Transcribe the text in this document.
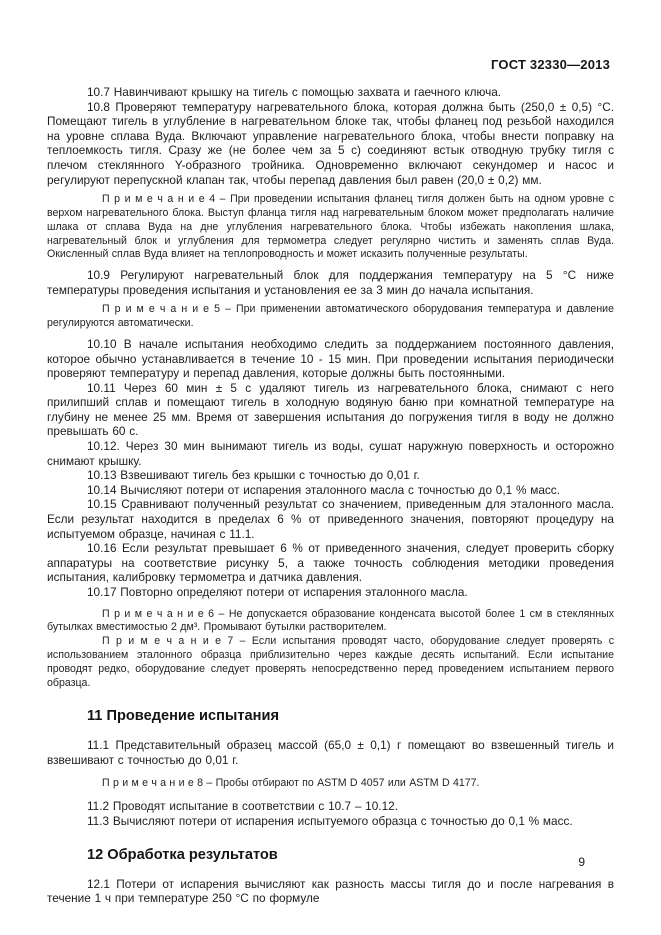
ГОСТ 32330—2013

10.7 Навинчивают крышку на тигель с помощью захвата и гаечного ключа.

10.8 Проверяют температуру нагревательного блока, которая должна быть (250,0 ± 0,5) °С. Помещают тигель в углубление в нагревательном блоке так, чтобы фланец под резьбой находился на уровне сплава Вуда. Включают управление нагревательного блока, чтобы внести поправку на теплоемкость тигля. Сразу же (не более чем за 5 с) соединяют встык отводную трубку тигля с плечом стеклянного Y-образного тройника. Одновременно включают секундомер и насос и регулируют перепускной клапан так, чтобы перепад давления был равен (20,0 ± 0,2) мм.

П р и м е ч а н и е 4 – При проведении испытания фланец тигля должен быть на одном уровне с верхом нагревательного блока. Выступ фланца тигля над нагревательным блоком может предполагать наличие шлака от сплава Вуда на дне углубления нагревательного блока. Чтобы избежать накопления шлака, нагревательный блок и углубления для термометра следует регулярно чистить и заменять сплав Вуда. Окисленный сплав Вуда влияет на теплопроводность и может исказить полученные результаты.

10.9 Регулируют нагревательный блок для поддержания температуру на 5 °С ниже температуры проведения испытания и установления ее за 3 мин до начала испытания.

П р и м е ч а н и е 5 – При применении автоматического оборудования температура и давление регулируются автоматически.

10.10 В начале испытания необходимо следить за поддержанием постоянного давления, которое обычно устанавливается в течение 10 - 15 мин. При проведении испытания периодически проверяют температуру и перепад давления, которые должны быть постоянными.

10.11 Через 60 мин ± 5 с удаляют тигель из нагревательного блока, снимают с него прилипший сплав и помещают тигель в холодную водяную баню при комнатной температуре на глубину не менее 25 мм. Время от завершения испытания до погружения тигля в воду не должно превышать 60 с.

10.12. Через 30 мин вынимают тигель из воды, сушат наружную поверхность и осторожно снимают крышку.

10.13 Взвешивают тигель без крышки с точностью до 0,01 г.

10.14 Вычисляют потери от испарения эталонного масла с точностью до 0,1 % масс.

10.15 Сравнивают полученный результат со значением, приведенным для эталонного масла. Если результат находится в пределах 6 % от приведенного значения, повторяют процедуру на испытуемом образце, начиная с 11.1.

10.16 Если результат превышает 6 % от приведенного значения, следует проверить сборку аппаратуры на соответствие рисунку 5, а также точность соблюдения методики проведения испытания, калибровку термометра и датчика давления.

10.17 Повторно определяют потери от испарения эталонного масла.

П р и м е ч а н и е 6 – Не допускается образование конденсата высотой более 1 см в стеклянных бутылках вместимостью 2 дм³. Промывают бутылки растворителем.

П р и м е ч а н и е 7 – Если испытания проводят часто, оборудование следует проверять с использованием эталонного образца приблизительно через каждые десять испытаний. Если испытание проводят редко, оборудование следует проверять непосредственно перед проведением испытанием первого образца.

11 Проведение испытания

11.1 Представительный образец массой (65,0 ± 0,1) г помещают во взвешенный тигель и взвешивают с точностью до 0,01 г.

П р и м е ч а н и е 8 – Пробы отбирают по ASTM D 4057 или ASTM D 4177.

11.2 Проводят испытание в соответствии с 10.7 – 10.12.

11.3 Вычисляют потери от испарения испытуемого образца с точностью до 0,1 % масс.

12 Обработка результатов

12.1 Потери от испарения вычисляют как разность массы тигля до и после нагревания в течение 1 ч при температуре 250 °С по формуле

9
